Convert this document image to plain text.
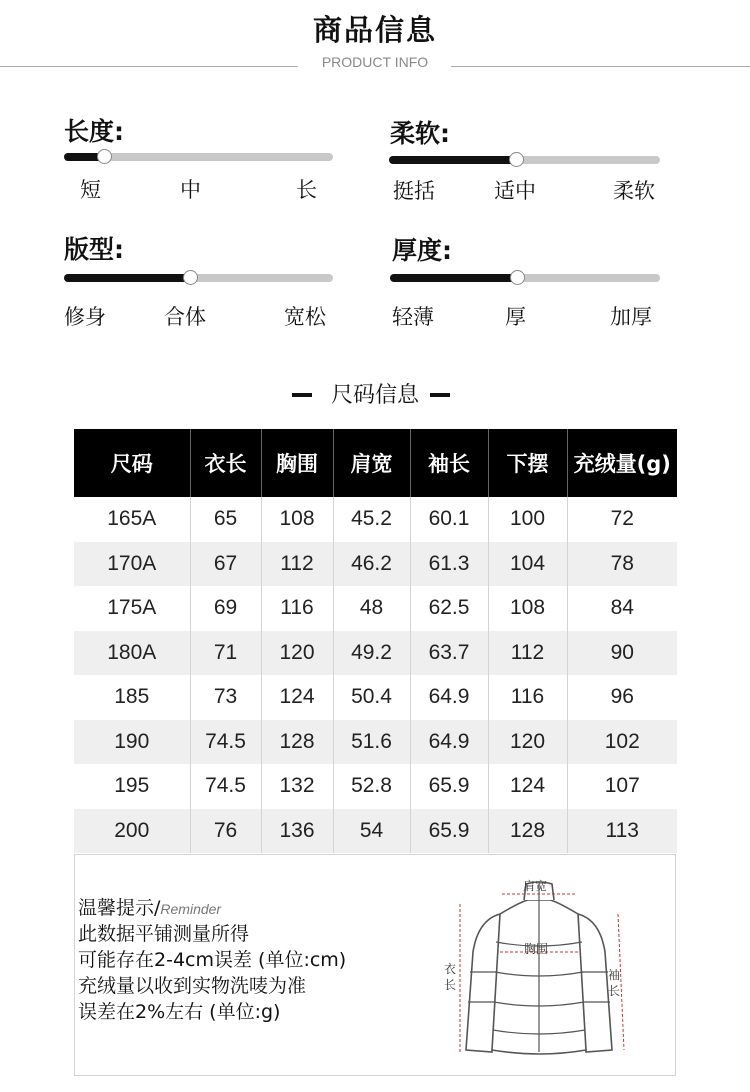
商品信息
PRODUCT INFO
长度:
短	中	长
柔软:
挺括	适中	柔软
版型:
修身	合体	宽松
厚度:
轻薄	厚	加厚
尺码信息
尺码	衣长	胸围	肩宽	袖长	下摆	充绒量(g)
165A	65	108	45.2	60.1	100	72
170A	67	112	46.2	61.3	104	78
175A	69	116	48	62.5	108	84
180A	71	120	49.2	63.7	112	90
185	73	124	50.4	64.9	116	96
190	74.5	128	51.6	64.9	120	102
195	74.5	132	52.8	65.9	124	107
200	76	136	54	65.9	128	113
温馨提示/Reminder
此数据平铺测量所得
可能存在2-4cm误差 (单位:cm)
充绒量以收到实物洗唛为准
误差在2%左右 (单位:g)
肩宽
胸围
衣
长
袖
长
